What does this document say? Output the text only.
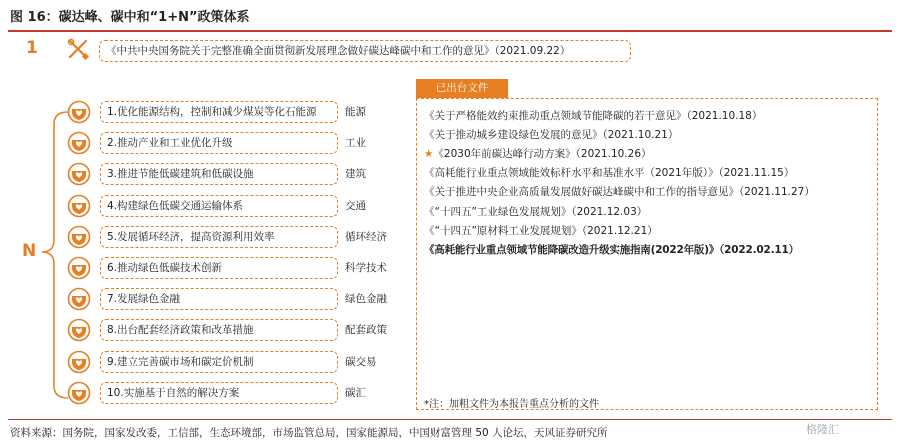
图 16：碳达峰、碳中和“1+N”政策体系
1	《中共中央国务院关于完整准确全面贯彻新发展理念做好碳达峰碳中和工作的意见》（2021.09.22）
N
1.优化能源结构，控制和减少煤炭等化石能源	能源
2.推动产业和工业优化升级	工业
3.推进节能低碳建筑和低碳设施	建筑
4.构建绿色低碳交通运输体系	交通
5.发展循环经济，提高资源利用效率	循环经济
6.推动绿色低碳技术创新	科学技术
7.发展绿色金融	绿色金融
8.出台配套经济政策和改革措施	配套政策
9.建立完善碳市场和碳定价机制	碳交易
10.实施基于自然的解决方案	碳汇
已出台文件
《关于严格能效约束推动重点领域节能降碳的若干意见》（2021.10.18）
《关于推动城乡建设绿色发展的意见》（2021.10.21）
★《2030年前碳达峰行动方案》（2021.10.26）
《高耗能行业重点领域能效标杆水平和基准水平（2021年版）》（2021.11.15）
《关于推进中央企业高质量发展做好碳达峰碳中和工作的指导意见》（2021.11.27）
《“十四五”工业绿色发展规划》（2021.12.03）
《“十四五”原材料工业发展规划》（2021.12.21）
《高耗能行业重点领域节能降碳改造升级实施指南(2022年版)》（2022.02.11）
*注：加粗文件为本报告重点分析的文件
资料来源：国务院，国家发改委，工信部，生态环境部，市场监管总局，国家能源局，中国财富管理 50 人论坛，天风证券研究所	格隆汇
